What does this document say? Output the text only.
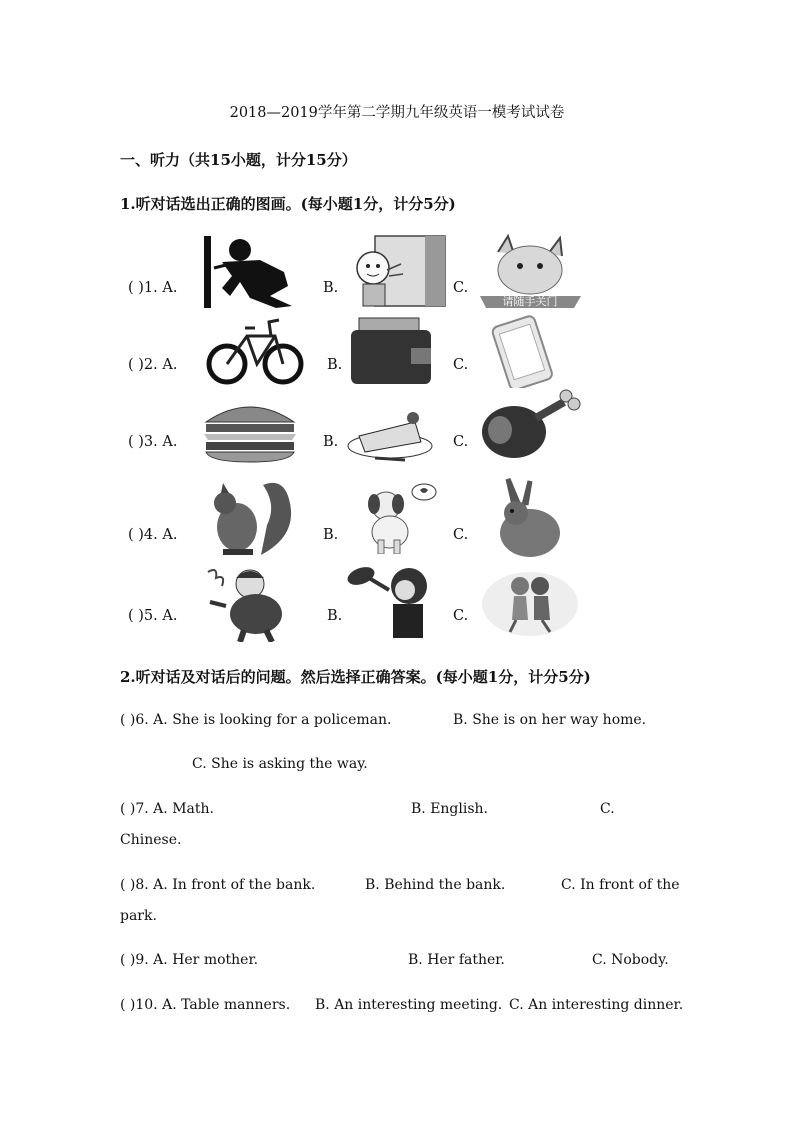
2018—2019学年第二学期九年级英语一模考试试卷
一、听力（共15小题，计分15分）
1.听对话选出正确的图画。(每小题1分，计分5分)
( )1. A.	B.	C.
请随手关门
( )2. A.	B.	C.
( )3. A.	B.	C.
( )4. A.	B.	C.
( )5. A.	B.	C.
2.听对话及对话后的问题。然后选择正确答案。(每小题1分，计分5分)
( )6. A. She is looking for a policeman.	B. She is on her way home.
C. She is asking the way.
( )7. A. Math.	B. English.	C.
Chinese.
( )8. A. In front of the bank.	B. Behind the bank.	C. In front of the
park.
( )9. A. Her mother.	B. Her father.	C. Nobody.
( )10. A. Table manners. B. An interesting meeting. C. An interesting dinner.
